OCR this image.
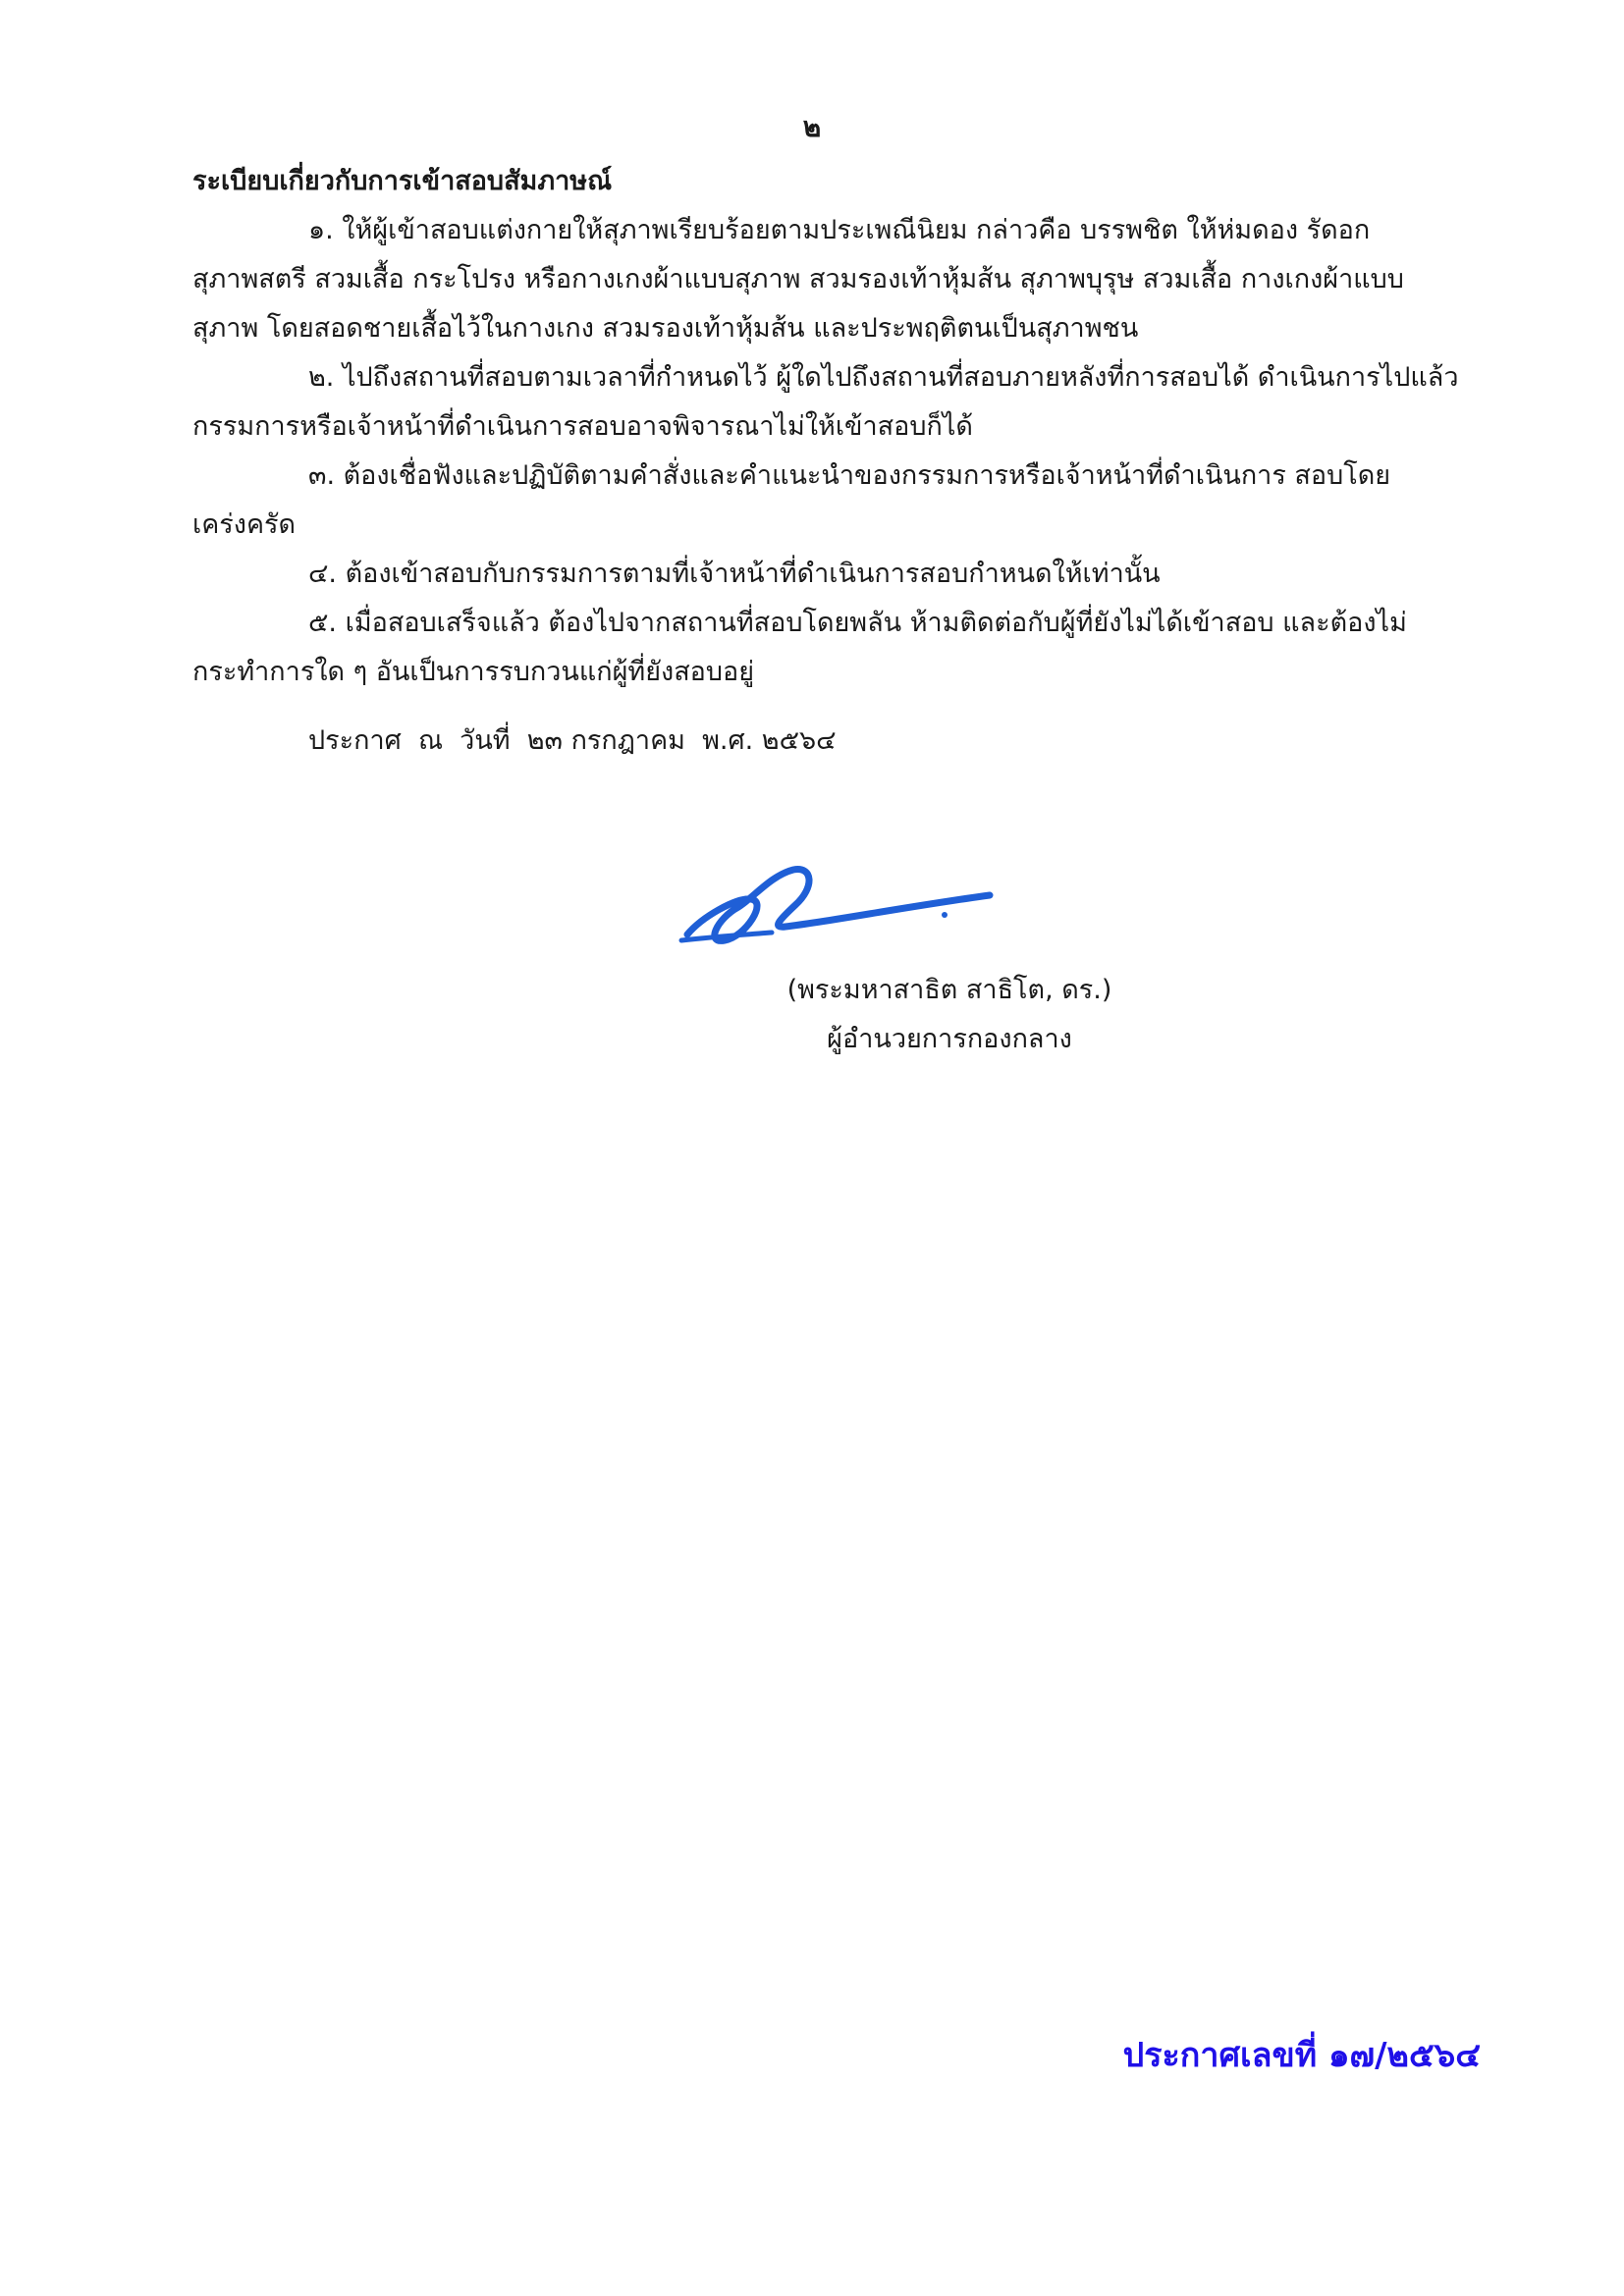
๒
ระเบียบเกี่ยวกับการเข้าสอบสัมภาษณ์
๑. ให้ผู้เข้าสอบแต่งกายให้สุภาพเรียบร้อยตามประเพณีนิยม กล่าวคือ บรรพชิต ให้ห่มดอง รัดอก
สุภาพสตรี สวมเสื้อ กระโปรง หรือกางเกงผ้าแบบสุภาพ สวมรองเท้าหุ้มส้น สุภาพบุรุษ สวมเสื้อ กางเกงผ้าแบบ
สุภาพ โดยสอดชายเสื้อไว้ในกางเกง สวมรองเท้าหุ้มส้น และประพฤติตนเป็นสุภาพชน
๒. ไปถึงสถานที่สอบตามเวลาที่กำหนดไว้ ผู้ใดไปถึงสถานที่สอบภายหลังที่การสอบได้ ดำเนินการไปแล้ว
กรรมการหรือเจ้าหน้าที่ดำเนินการสอบอาจพิจารณาไม่ให้เข้าสอบก็ได้
๓. ต้องเชื่อฟังและปฏิบัติตามคำสั่งและคำแนะนำของกรรมการหรือเจ้าหน้าที่ดำเนินการ สอบโดย
เคร่งครัด
๔. ต้องเข้าสอบกับกรรมการตามที่เจ้าหน้าที่ดำเนินการสอบกำหนดให้เท่านั้น
๕. เมื่อสอบเสร็จแล้ว ต้องไปจากสถานที่สอบโดยพลัน ห้ามติดต่อกับผู้ที่ยังไม่ได้เข้าสอบ และต้องไม่
กระทำการใด ๆ อันเป็นการรบกวนแก่ผู้ที่ยังสอบอยู่
ประกาศ  ณ  วันที่  ๒๓ กรกฎาคม  พ.ศ. ๒๕๖๔
(พระมหาสาธิต สาธิโต, ดร.)
ผู้อำนวยการกองกลาง
ประกาศเลขที่ ๑๗/๒๕๖๔
